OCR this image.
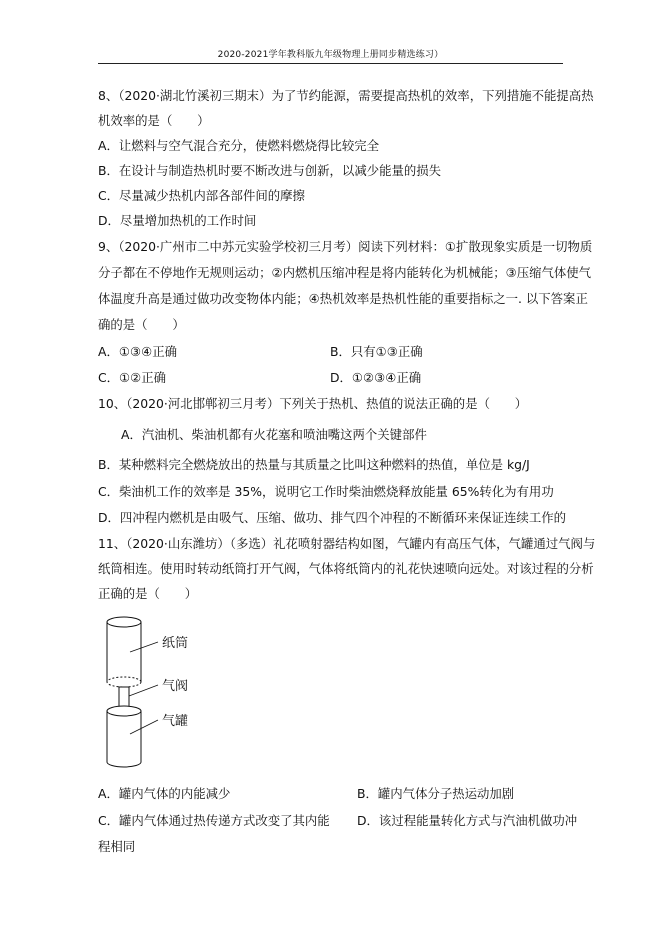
2020-2021学年教科版九年级物理上册同步精选练习）
8、（2020·湖北竹溪初三期末）为了节约能源，需要提高热机的效率，下列措施不能提高热
机效率的是（　　）
A．让燃料与空气混合充分，使燃料燃烧得比较完全
B．在设计与制造热机时要不断改进与创新，以减少能量的损失
C．尽量减少热机内部各部件间的摩擦
D．尽量增加热机的工作时间
9、（2020·广州市二中苏元实验学校初三月考）阅读下列材料：①扩散现象实质是一切物质
分子都在不停地作无规则运动；②内燃机压缩冲程是将内能转化为机械能；③压缩气体使气
体温度升高是通过做功改变物体内能；④热机效率是热机性能的重要指标之一. 以下答案正
确的是（　　）
A．①③④正确	B．只有①③正确
C．①②正确	D．①②③④正确
10、（2020·河北邯郸初三月考）下列关于热机、热值的说法正确的是（　　）
A．汽油机、柴油机都有火花塞和喷油嘴这两个关键部件
B．某种燃料完全燃烧放出的热量与其质量之比叫这种燃料的热值，单位是 kg/J
C．柴油机工作的效率是 35%，说明它工作时柴油燃烧释放能量 65%转化为有用功
D．四冲程内燃机是由吸气、压缩、做功、排气四个冲程的不断循环来保证连续工作的
11、（2020·山东潍坊）（多选）礼花喷射器结构如图，气罐内有高压气体，气罐通过气阀与
纸筒相连。使用时转动纸筒打开气阀，气体将纸筒内的礼花快速喷向远处。对该过程的分析
正确的是（　　）
纸筒
气阀
气罐
A．罐内气体的内能减少	B．罐内气体分子热运动加剧
C．罐内气体通过热传递方式改变了其内能 D．该过程能量转化方式与汽油机做功冲
程相同
